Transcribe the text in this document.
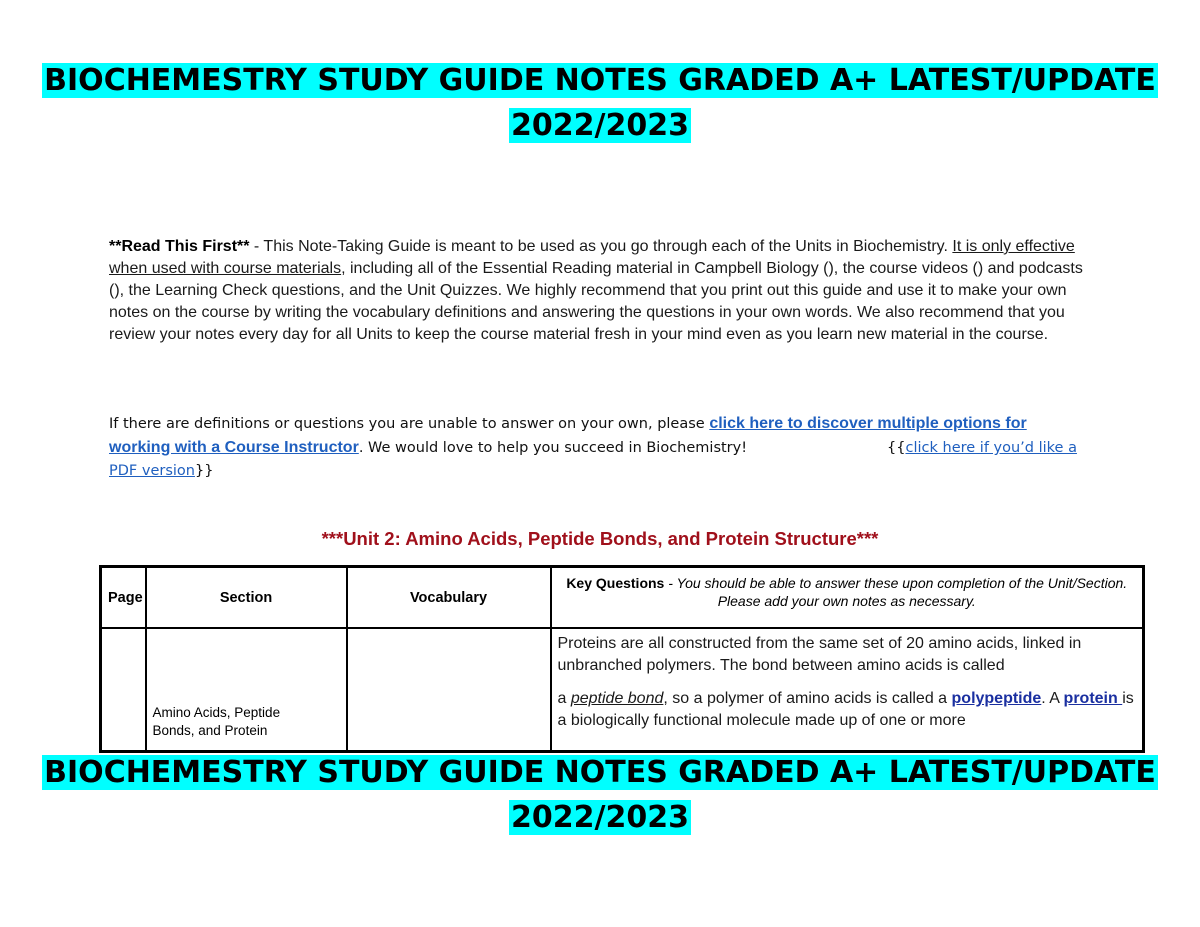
BIOCHEMESTRY STUDY GUIDE NOTES GRADED A+ LATEST/UPDATE
2022/2023
**Read This First** - This Note-Taking Guide is meant to be used as you go through each of the Units in Biochemistry. It is only effective when used with course materials, including all of the Essential Reading material in Campbell Biology (), the course videos () and podcasts (), the Learning Check questions, and the Unit Quizzes. We highly recommend that you print out this guide and use it to make your own notes on the course by writing the vocabulary definitions and answering the questions in your own words. We also recommend that you review your notes every day for all Units to keep the course material fresh in your mind even as you learn new material in the course.
If there are definitions or questions you are unable to answer on your own, please click here to discover multiple options for working with a Course Instructor. We would love to help you succeed in Biochemistry!	{{click here if you’d like a PDF version}}
***Unit 2: Amino Acids, Peptide Bonds, and Protein Structure***
Page	Section	Vocabulary	Key Questions - You should be able to answer these upon completion of the Unit/Section. Please add your own notes as necessary.

	Amino Acids, Peptide Bonds, and Protein		Proteins are all constructed from the same set of 20 amino acids, linked in unbranched polymers. The bond between amino acids is called

a peptide bond, so a polymer of amino acids is called a polypeptide. A protein is a biologically functional molecule made up of one or more

BIOCHEMESTRY STUDY GUIDE NOTES GRADED A+ LATEST/UPDATE
2022/2023
